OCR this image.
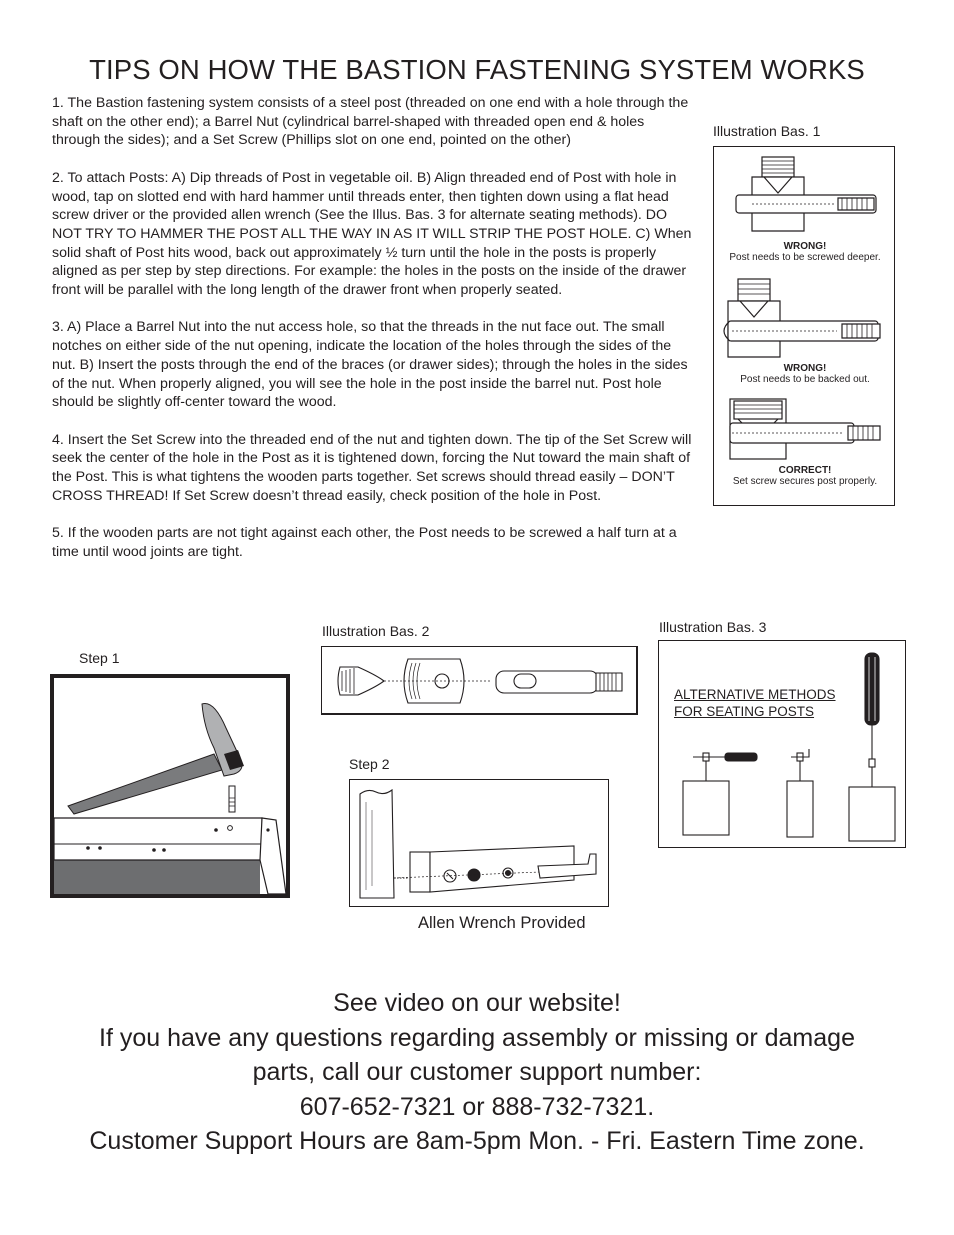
TIPS ON HOW THE BASTION FASTENING SYSTEM WORKS

1. The Bastion fastening system consists of a steel post (threaded on one end with a hole through the shaft on the other end); a Barrel Nut (cylindrical barrel-shaped with threaded open end & holes through the sides); and a Set Screw (Phillips slot on one end, pointed on the other)

2. To attach Posts: A) Dip threads of Post in vegetable oil. B) Align threaded end of Post with hole in wood, tap on slotted end with hard hammer until threads enter, then tighten down using a flat head screw driver or the provided allen wrench (See the Illus. Bas. 3 for alternate seating methods). DO NOT TRY TO HAMMER THE POST ALL THE WAY IN AS IT WILL STRIP THE POST HOLE. C) When solid shaft of Post hits wood, back out approximately ½ turn until the hole in the posts is properly aligned as per step by step directions. For example: the holes in the posts on the inside of the drawer front will be parallel with the long length of the drawer front when properly seated.

3. A) Place a Barrel Nut into the nut access hole, so that the threads in the nut face out. The small notches on either side of the nut opening, indicate the location of the holes through the sides of the nut. B) Insert the posts through the end of the braces (or drawer sides); through the holes in the sides of the nut. When properly aligned, you will see the hole in the post inside the barrel nut. Post hole should be slightly off-center toward the wood.

4. Insert the Set Screw into the threaded end of the nut and tighten down. The tip of the Set Screw will seek the center of the hole in the Post as it is tightened down, forcing the Nut toward the main shaft of the Post. This is what tightens the wooden parts together. Set screws should thread easily – DON’T CROSS THREAD! If Set Screw doesn’t thread easily, check position of the hole in Post.

5. If the wooden parts are not tight against each other, the Post needs to be screwed a half turn at a time until wood joints are tight.

Illustration Bas. 1
WRONG!
Post needs to be screwed deeper.
WRONG!
Post needs to be backed out.
CORRECT!
Set screw secures post properly.
Illustration Bas. 2	Illustration Bas. 3
ALTERNATIVE METHODS
FOR SEATING POSTS
Step 1
Step 2
Allen Wrench Provided
See video on our website!
If you have any questions regarding assembly or missing or damage
parts, call our customer support number:
607-652-7321 or 888-732-7321.
Customer Support Hours are 8am-5pm Mon. - Fri. Eastern Time zone.
